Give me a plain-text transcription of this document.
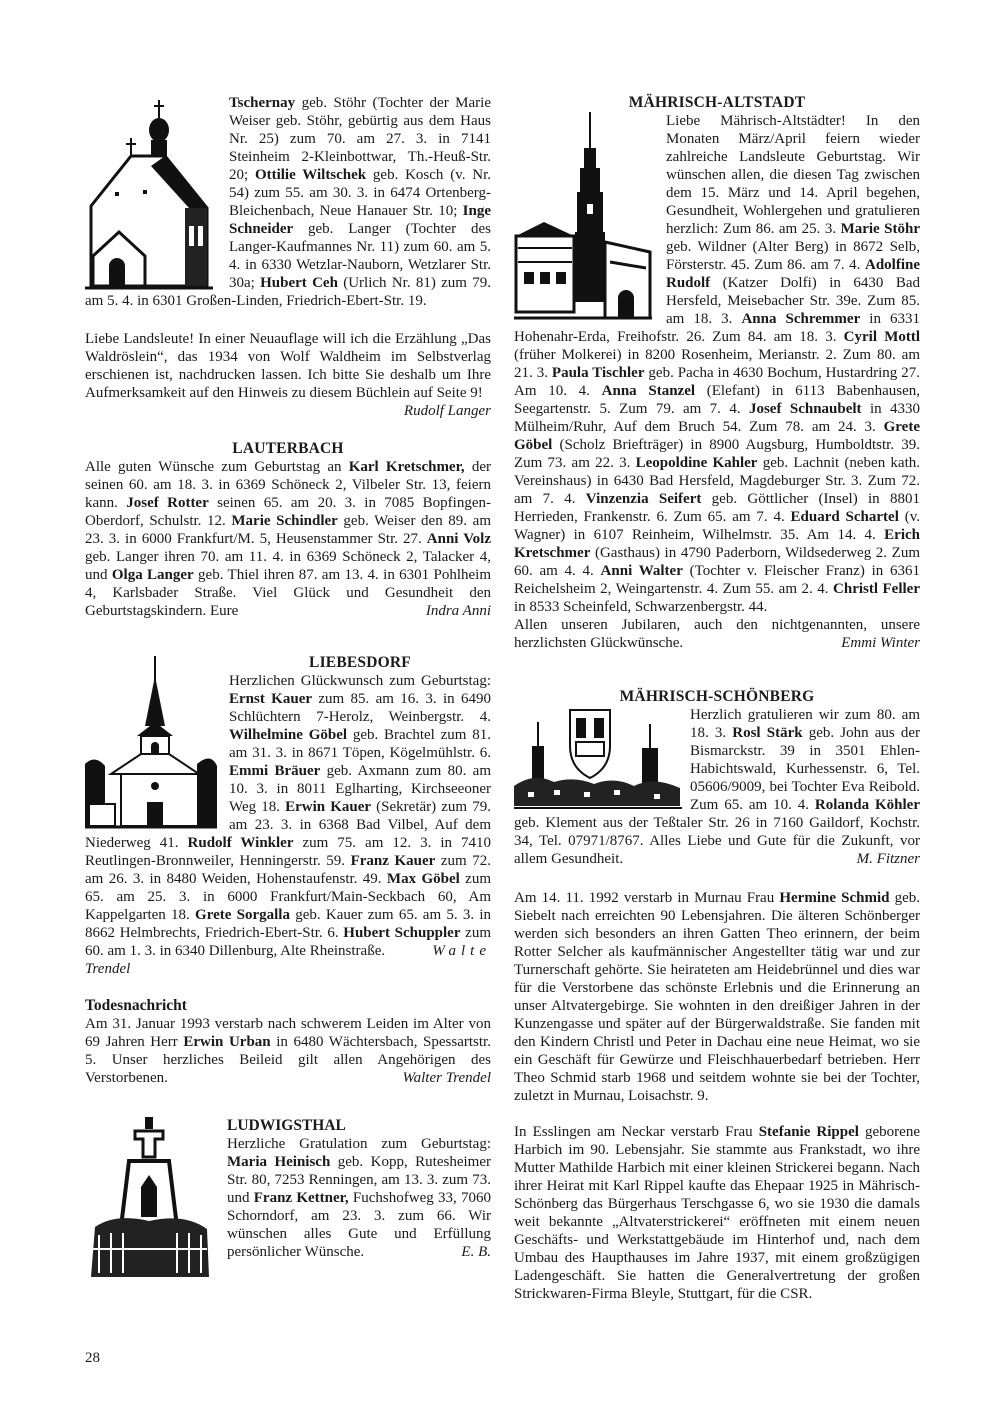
Tschernay geb. Stöhr (Tochter der Marie Weiser geb. Stöhr, gebürtig aus dem Haus Nr. 25) zum 70. am 27. 3. in 7141 Steinheim 2-Kleinbottwar, Th.-Heuß-Str. 20; Ottilie Wiltschek geb. Kosch (v. Nr. 54) zum 55. am 30. 3. in 6474 Ortenberg-Bleichenbach, Neue Hanauer Str. 10; Inge Schneider geb. Langer (Tochter des Langer-Kaufmannes Nr. 11) zum 60. am 5. 4. in 6330 Wetzlar-Nauborn, Wetzlarer Str. 30a; Hubert Ceh (Urlich Nr. 81) zum 79. am 5. 4. in 6301 Großen-Linden, Friedrich-Ebert-Str. 19.

Liebe Landsleute! In einer Neuauflage will ich die Erzählung „Das Waldröslein“, das 1934 von Wolf Waldheim im Selbstverlag erschienen ist, nachdrucken lassen. Ich bitte Sie deshalb um Ihre Aufmerksamkeit auf den Hinweis zu diesem Büchlein auf Seite 9!
Rudolf Langer

LAUTERBACH

Alle guten Wünsche zum Geburtstag an Karl Kretschmer, der seinen 60. am 18. 3. in 6369 Schöneck 2, Vilbeler Str. 13, feiern kann. Josef Rotter seinen 65. am 20. 3. in 7085 Bopfingen-Oberdorf, Schulstr. 12. Marie Schindler geb. Weiser den 89. am 23. 3. in 6000 Frankfurt/M. 5, Heusenstammer Str. 27. Anni Volz geb. Langer ihren 70. am 11. 4. in 6369 Schöneck 2, Talacker 4, und Olga Langer geb. Thiel ihren 87. am 13. 4. in 6301 Pohlheim 4, Karlsbader Straße. Viel Glück und Gesundheit den Geburtstagskindern. Eure	Indra Anni

LIEBESDORF

Herzlichen Glückwunsch zum Geburtstag: Ernst Kauer zum 85. am 16. 3. in 6490 Schlüchtern 7-Herolz, Weinbergstr. 4. Wilhelmine Göbel geb. Brachtel zum 81. am 31. 3. in 8671 Töpen, Kögelmühlstr. 6. Emmi Bräuer geb. Axmann zum 80. am 10. 3. in 8011 Eglharting, Kirchseeoner Weg 18. Erwin Kauer (Sekretär) zum 79. am 23. 3. in 6368 Bad Vilbel, Auf dem Niederweg 41. Rudolf Winkler zum 75. am 12. 3. in 7410 Reutlingen-Bronnweiler, Henningerstr. 59. Franz Kauer zum 72. am 26. 3. in 8480 Weiden, Hohenstaufenstr. 49. Max Göbel zum 65. am 25. 3. in 6000 Frankfurt/Main-Seckbach 60, Am Kappelgarten 18. Grete Sorgalla geb. Kauer zum 65. am 5. 3. in 8662 Helmbrechts, Friedrich-Ebert-Str. 6. Hubert Schuppler zum 60. am 1. 3. in 6340 Dillenburg, Alte Rheinstraße.	Walte

Trendel

Todesnachricht

Am 31. Januar 1993 verstarb nach schwerem Leiden im Alter von 69 Jahren Herr Erwin Urban in 6480 Wächtersbach, Spessartstr. 5. Unser herzliches Beileid gilt allen Angehörigen des Verstorbenen.	Walter Trendel

LUDWIGSTHAL

Herzliche Gratulation zum Geburtstag: Maria Heinisch geb. Kopp, Rutesheimer Str. 80, 7253 Renningen, am 13. 3. zum 73. und Franz Kettner, Fuchshofweg 33, 7060 Schorndorf, am 23. 3. zum 66. Wir wünschen alles Gute und Erfüllung persönlicher Wünsche.	E. B.

MÄHRISCH-ALTSTADT

Liebe Mährisch-Altstädter! In den Monaten März/April feiern wieder zahlreiche Landsleute Geburtstag. Wir wünschen allen, die diesen Tag zwischen dem 15. März und 14. April begehen, Gesundheit, Wohlergehen und gratulieren herzlich: Zum 86. am 25. 3. Marie Stöhr geb. Wildner (Alter Berg) in 8672 Selb, Försterstr. 45. Zum 86. am 7. 4. Adolfine Rudolf (Katzer Dolfi) in 6430 Bad Hersfeld, Meisebacher Str. 39e. Zum 85. am 18. 3. Anna Schremmer in 6331 Hohenahr-Erda, Freihofstr. 26. Zum 84. am 18. 3. Cyril Mottl (früher Molkerei) in 8200 Rosenheim, Merianstr. 2. Zum 80. am 21. 3. Paula Tischler geb. Pacha in 4630 Bochum, Hustardring 27. Am 10. 4. Anna Stanzel (Elefant) in 6113 Babenhausen, Seegartenstr. 5. Zum 79. am 7. 4. Josef Schnaubelt in 4330 Mülheim/Ruhr, Auf dem Bruch 54. Zum 78. am 24. 3. Grete Göbel (Scholz Briefträger) in 8900 Augsburg, Humboldtstr. 39. Zum 73. am 22. 3. Leopoldine Kahler geb. Lachnit (neben kath. Vereinshaus) in 6430 Bad Hersfeld, Magdeburger Str. 3. Zum 72. am 7. 4. Vinzenzia Seifert geb. Göttlicher (Insel) in 8801 Herrieden, Frankenstr. 6. Zum 65. am 7. 4. Eduard Schartel (v. Wagner) in 6107 Reinheim, Wilhelmstr. 35. Am 14. 4. Erich Kretschmer (Gasthaus) in 4790 Paderborn, Wildsederweg 2. Zum 60. am 4. 4. Anni Walter (Tochter v. Fleischer Franz) in 6361 Reichelsheim 2, Weingartenstr. 4. Zum 55. am 2. 4. Christl Feller in 8533 Scheinfeld, Schwarzenbergstr. 44.

Allen unseren Jubilaren, auch den nichtgenannten, unsere herzlichsten Glückwünsche.	Emmi Winter

MÄHRISCH-SCHÖNBERG

Herzlich gratulieren wir zum 80. am 18. 3. Rosl Stärk geb. John aus der Bismarckstr. 39 in 3501 Ehlen-Habichtswald, Kurhessenstr. 6, Tel. 05606/9009, bei Tochter Eva Reibold. Zum 65. am 10. 4. Rolanda Köhler geb. Klement aus der Teßtaler Str. 26 in 7160 Gaildorf, Kochstr. 34, Tel. 07971/8767. Alles Liebe und Gute für die Zukunft, vor allem Gesundheit.	M. Fitzner

Am 14. 11. 1992 verstarb in Murnau Frau Hermine Schmid geb. Siebelt nach erreichten 90 Lebensjahren. Die älteren Schönberger werden sich besonders an ihren Gatten Theo erinnern, der beim Rotter Selcher als kaufmännischer Angestellter tätig war und zur Turnerschaft gehörte. Sie heirateten am Heidebrünnel und dies war für die Verstorbene das schönste Erlebnis und die Erinnerung an unser Altvatergebirge. Sie wohnten in den dreißiger Jahren in der Kunzengasse und später auf der Bürgerwaldstraße. Sie fanden mit den Kindern Christl und Peter in Dachau eine neue Heimat, wo sie ein Geschäft für Gewürze und Fleischhauerbedarf betrieben. Herr Theo Schmid starb 1968 und seitdem wohnte sie bei der Tochter, zuletzt in Murnau, Loisachstr. 9.

In Esslingen am Neckar verstarb Frau Stefanie Rippel geborene Harbich im 90. Lebensjahr. Sie stammte aus Frankstadt, wo ihre Mutter Mathilde Harbich mit einer kleinen Strickerei begann. Nach ihrer Heirat mit Karl Rippel kaufte das Ehepaar 1925 in Mährisch-Schönberg das Bürgerhaus Terschgasse 6, wo sie 1930 die damals weit bekannte „Altvaterstrickerei“ eröffneten mit einem neuen Geschäfts- und Werkstattgebäude im Hinterhof und, nach dem Umbau des Haupthauses im Jahre 1937, mit einem großzügigen Ladengeschäft. Sie hatten die Generalvertretung der großen Strickwaren-Firma Bleyle, Stuttgart, für die CSR.

28
